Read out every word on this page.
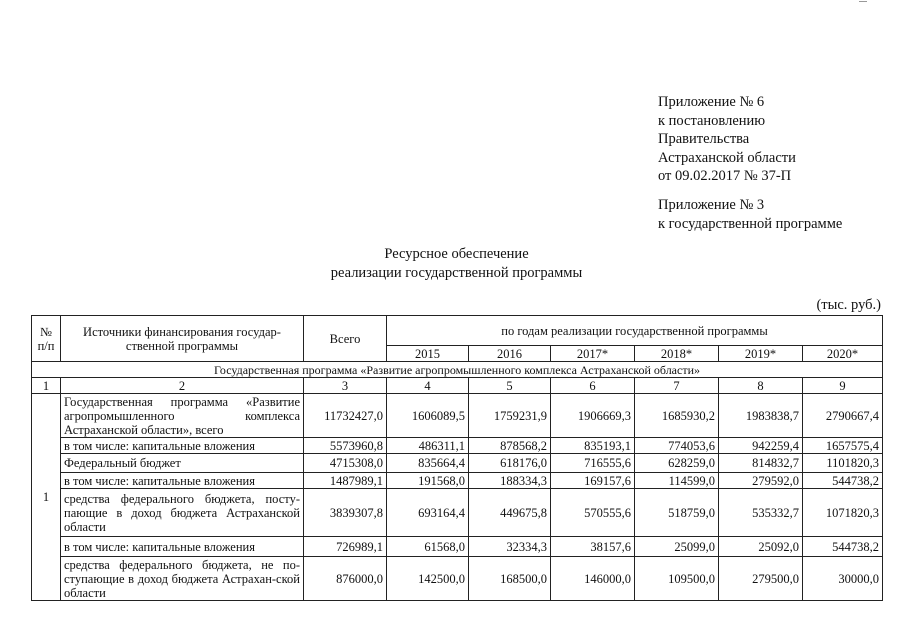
Приложение № 6
к постановлению
Правительства
Астраханской области
от 09.02.2017 № 37-П
Приложение № 3
к государственной программе
Ресурсное обеспечение
реализации государственной программы
(тыс. руб.)
№ п/п	Источники финансирования государ-ственной программы	Всего	по годам реализации государственной программы					
			2015	2016	2017*	2018*	2019*	2020*
Государственная программа «Развитие агропромышленного комплекса Астраханской области»								
1	2	3	4	5	6	7	8	9
1	Государственная программа «Развитие агропромышленного комплекса Астраханской области», всего	11732427,0	1606089,5	1759231,9	1906669,3	1685930,2	1983838,7	2790667,4
	в том числе: капитальные вложения	5573960,8	486311,1	878568,2	835193,1	774053,6	942259,4	1657575,4
	Федеральный бюджет	4715308,0	835664,4	618176,0	716555,6	628259,0	814832,7	1101820,3
	в том числе: капитальные вложения	1487989,1	191568,0	188334,3	169157,6	114599,0	279592,0	544738,2
	средства федерального бюджета, посту-пающие в доход бюджета Астраханской области	3839307,8	693164,4	449675,8	570555,6	518759,0	535332,7	1071820,3
	в том числе: капитальные вложения	726989,1	61568,0	32334,3	38157,6	25099,0	25092,0	544738,2
	средства федерального бюджета, не по-ступающие в доход бюджета Астрахан-ской области	876000,0	142500,0	168500,0	146000,0	109500,0	279500,0	30000,0
